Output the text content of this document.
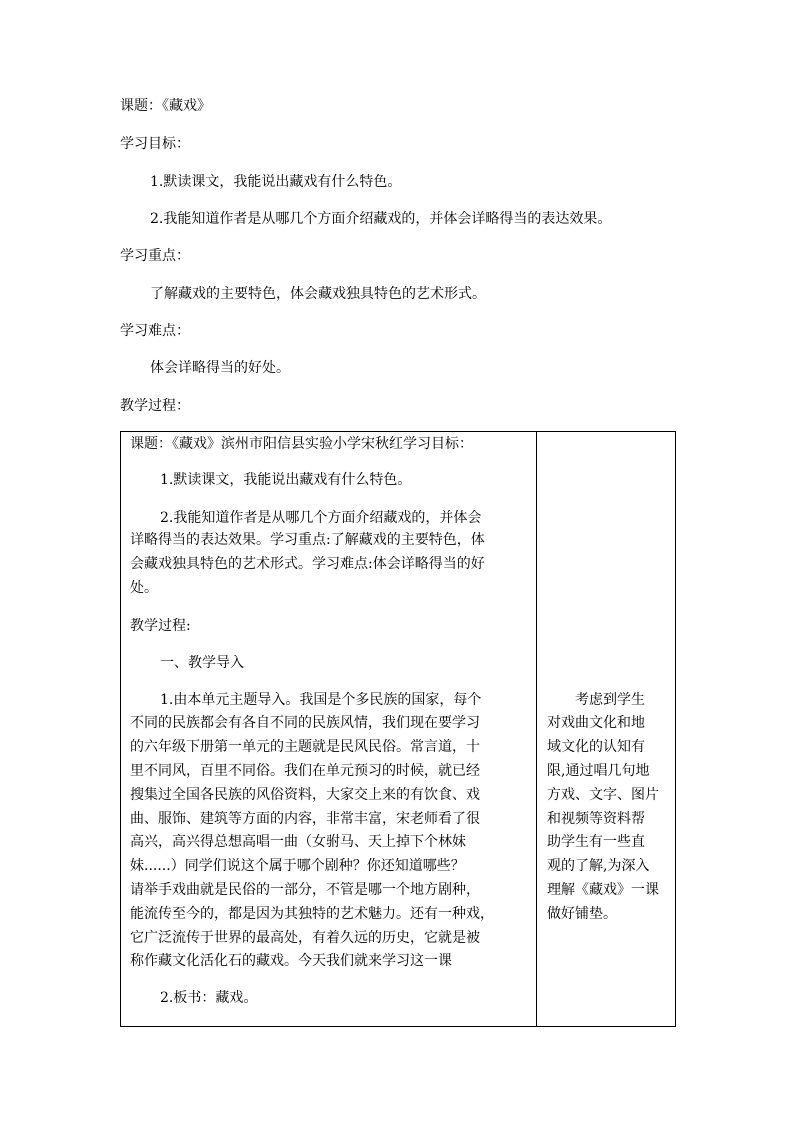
课题：《藏戏》
学习目标：
1.默读课文，我能说出藏戏有什么特色。
2.我能知道作者是从哪几个方面介绍藏戏的，并体会详略得当的表达效果。
学习重点：
了解藏戏的主要特色，体会藏戏独具特色的艺术形式。
学习难点：
体会详略得当的好处。
教学过程：
课题：《藏戏》滨州市阳信县实验小学宋秋红学习目标：
1.默读课文，我能说出藏戏有什么特色。
2.我能知道作者是从哪几个方面介绍藏戏的，并体会
详略得当的表达效果。学习重点:了解藏戏的主要特色，体
会藏戏独具特色的艺术形式。学习难点:体会详略得当的好
处。
教学过程:
一、教学导入
1.由本单元主题导入。我国是个多民族的国家，每个
不同的民族都会有各自不同的民族风情，我们现在要学习
的六年级下册第一单元的主题就是民风民俗。常言道，十
里不同风，百里不同俗。我们在单元预习的时候，就已经
搜集过全国各民族的风俗资料，大家交上来的有饮食、戏
曲、服饰、建筑等方面的内容，非常丰富，宋老师看了很
高兴，高兴得总想高唱一曲（女驸马、天上掉下个林妹
妹......）同学们说这个属于哪个剧种？你还知道哪些？
请举手戏曲就是民俗的一部分，不管是哪一个地方剧种，
能流传至今的，都是因为其独特的艺术魅力。还有一种戏，
它广泛流传于世界的最高处，有着久远的历史，它就是被
称作藏文化活化石的藏戏。今天我们就来学习这一课
2.板书：藏戏。

考虑到学生
对戏曲文化和地
域文化的认知有
限,通过唱几句地
方戏、文字、图片
和视频等资料帮
助学生有一些直
观的了解,为深入
理解《藏戏》一课
做好铺垫。
